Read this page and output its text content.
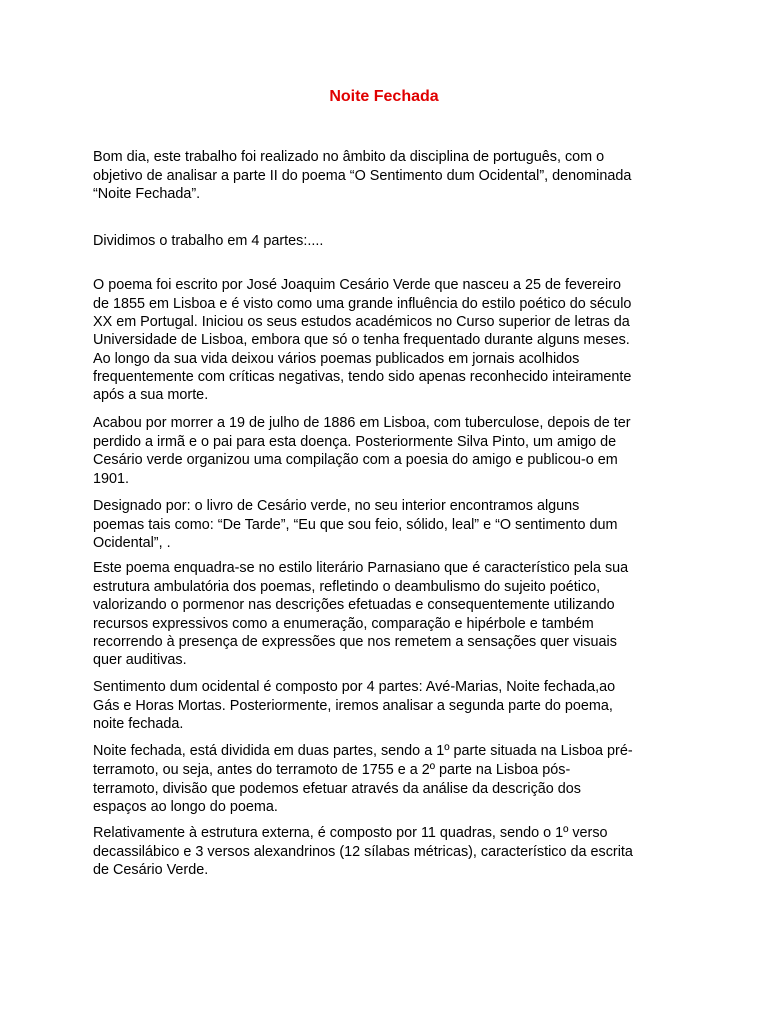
Noite Fechada

Bom dia, este trabalho foi realizado no âmbito da disciplina de português, com o
objetivo de analisar a parte II do poema “O Sentimento dum Ocidental”, denominada
“Noite Fechada”.

Dividimos o trabalho em 4 partes:....

O poema foi escrito por José Joaquim Cesário Verde que nasceu a 25 de fevereiro
de 1855 em Lisboa e é visto como uma grande influência do estilo poético do século
XX em Portugal. Iniciou os seus estudos académicos no Curso superior de letras da
Universidade de Lisboa, embora que só o tenha frequentado durante alguns meses.
Ao longo da sua vida deixou vários poemas publicados em jornais acolhidos
frequentemente com críticas negativas, tendo sido apenas reconhecido inteiramente
após a sua morte.

Acabou por morrer a 19 de julho de 1886 em Lisboa, com tuberculose, depois de ter
perdido a irmã e o pai para esta doença. Posteriormente Silva Pinto, um amigo de
Cesário verde organizou uma compilação com a poesia do amigo e publicou-o em
1901.

Designado por: o livro de Cesário verde, no seu interior encontramos alguns
poemas tais como: “De Tarde”, “Eu que sou feio, sólido, leal” e “O sentimento dum
Ocidental”, .

Este poema enquadra-se no estilo literário Parnasiano que é característico pela sua
estrutura ambulatória dos poemas, refletindo o deambulismo do sujeito poético,
valorizando o pormenor nas descrições efetuadas e consequentemente utilizando
recursos expressivos como a enumeração, comparação e hipérbole e também
recorrendo à presença de expressões que nos remetem a sensações quer visuais
quer auditivas.

Sentimento dum ocidental é composto por 4 partes: Avé-Marias, Noite fechada,ao
Gás e Horas Mortas. Posteriormente, iremos analisar a segunda parte do poema,
noite fechada.

Noite fechada, está dividida em duas partes, sendo a 1º parte situada na Lisboa pré-
terramoto, ou seja, antes do terramoto de 1755 e a 2º parte na Lisboa pós-
terramoto, divisão que podemos efetuar através da análise da descrição dos
espaços ao longo do poema.

Relativamente à estrutura externa, é composto por 11 quadras, sendo o 1º verso
decassilábico e 3 versos alexandrinos (12 sílabas métricas), característico da escrita
de Cesário Verde.
